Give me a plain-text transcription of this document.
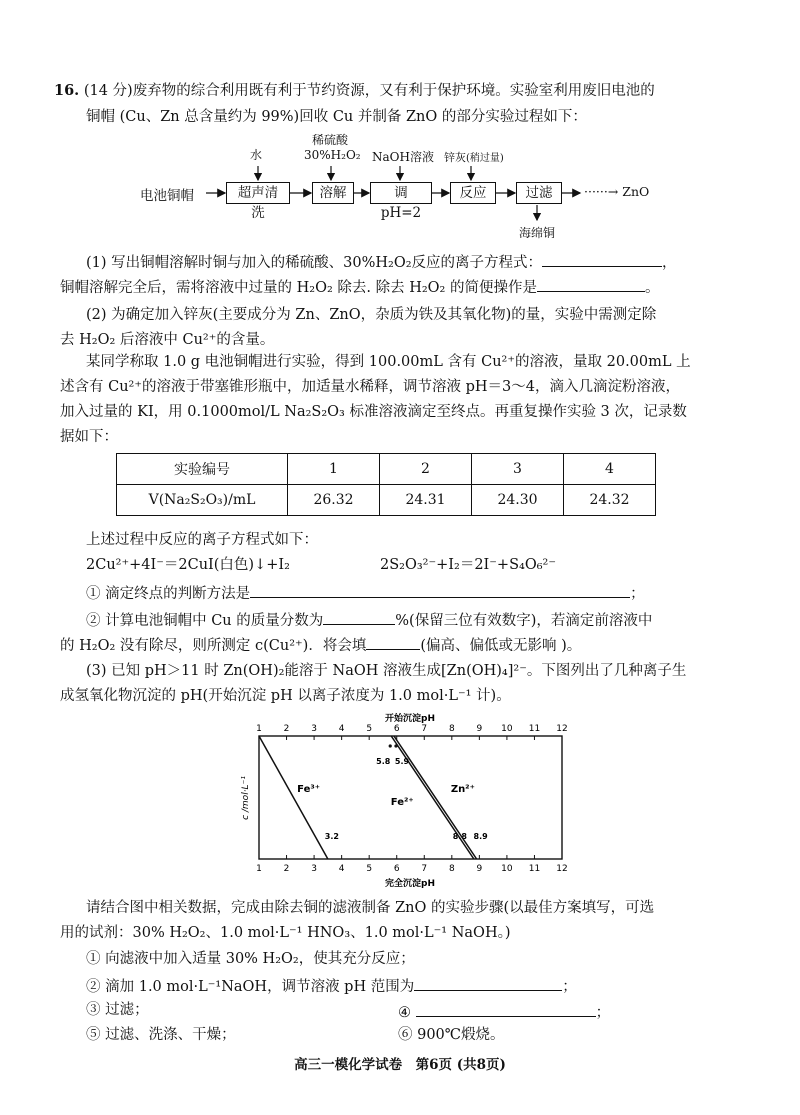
16. (14 分)废弃物的综合利用既有利于节约资源，又有利于保护环境。实验室利用废旧电池的
铜帽 (Cu、Zn 总含量约为 99%)回收 Cu 并制备 ZnO 的部分实验过程如下：
电池铜帽	超声清洗
溶解	调pH=2
反应	过滤	······→ ZnO
水
稀硫酸
30%H₂O₂ NaOH溶液 锌灰(稍过量)
海绵铜
(1) 写出铜帽溶解时铜与加入的稀硫酸、30%H₂O₂反应的离子方程式：	，
铜帽溶解完全后，需将溶液中过量的 H₂O₂ 除去. 除去 H₂O₂ 的简便操作是	。
(2) 为确定加入锌灰(主要成分为 Zn、ZnO，杂质为铁及其氧化物)的量，实验中需测定除
去 H₂O₂ 后溶液中 Cu²⁺的含量。
某同学称取 1.0 g 电池铜帽进行实验，得到 100.00mL 含有 Cu²⁺的溶液，量取 20.00mL 上
述含有 Cu²⁺的溶液于带塞锥形瓶中，加适量水稀释，调节溶液 pH＝3～4，滴入几滴淀粉溶液，
加入过量的 KI，用 0.1000mol/L Na₂S₂O₃ 标准溶液滴定至终点。再重复操作实验 3 次，记录数
据如下：
实验编号	1	2	3	4
V(Na₂S₂O₃)/mL	26.32	24.31	24.30	24.32
上述过程中反应的离子方程式如下：
2Cu²⁺+4I⁻＝2CuI(白色)↓+I₂	2S₂O₃²⁻+I₂＝2I⁻+S₄O₆²⁻
① 滴定终点的判断方法是	；
② 计算电池铜帽中 Cu 的质量分数为	%(保留三位有效数字)，若滴定前溶液中
的 H₂O₂ 没有除尽，则所测定 c(Cu²⁺)．将会填	(偏高、偏低或无影响 )。
(3) 已知 pH＞11 时 Zn(OH)₂能溶于 NaOH 溶液生成[Zn(OH)₄]²⁻。下图列出了几种离子生
成氢氧化物沉淀的 pH(开始沉淀 pH 以离子浓度为 1.0 mol·L⁻¹ 计)。
开始沉淀pH
完全沉淀pH
c /mol·L⁻¹
1 2 3 4 5 6 7 8 9 10 11 12
1 2 3 4 5 6 7 8 9 10 11 12
Fe³⁺
3.2
Fe²⁺
5.8
8.8
Zn²⁺
5.9
8.9
请结合图中相关数据，完成由除去铜的滤液制备 ZnO 的实验步骤(以最佳方案填写，可选
用的试剂：30% H₂O₂、1.0 mol·L⁻¹ HNO₃、1.0 mol·L⁻¹ NaOH。)
① 向滤液中加入适量 30% H₂O₂，使其充分反应；
② 滴加 1.0 mol·L⁻¹NaOH，调节溶液 pH 范围为	；
③ 过滤；	④	；
⑤ 过滤、洗涤、干燥；	⑥ 900℃煅烧。
高三一模化学试卷　第6页 (共8页)
